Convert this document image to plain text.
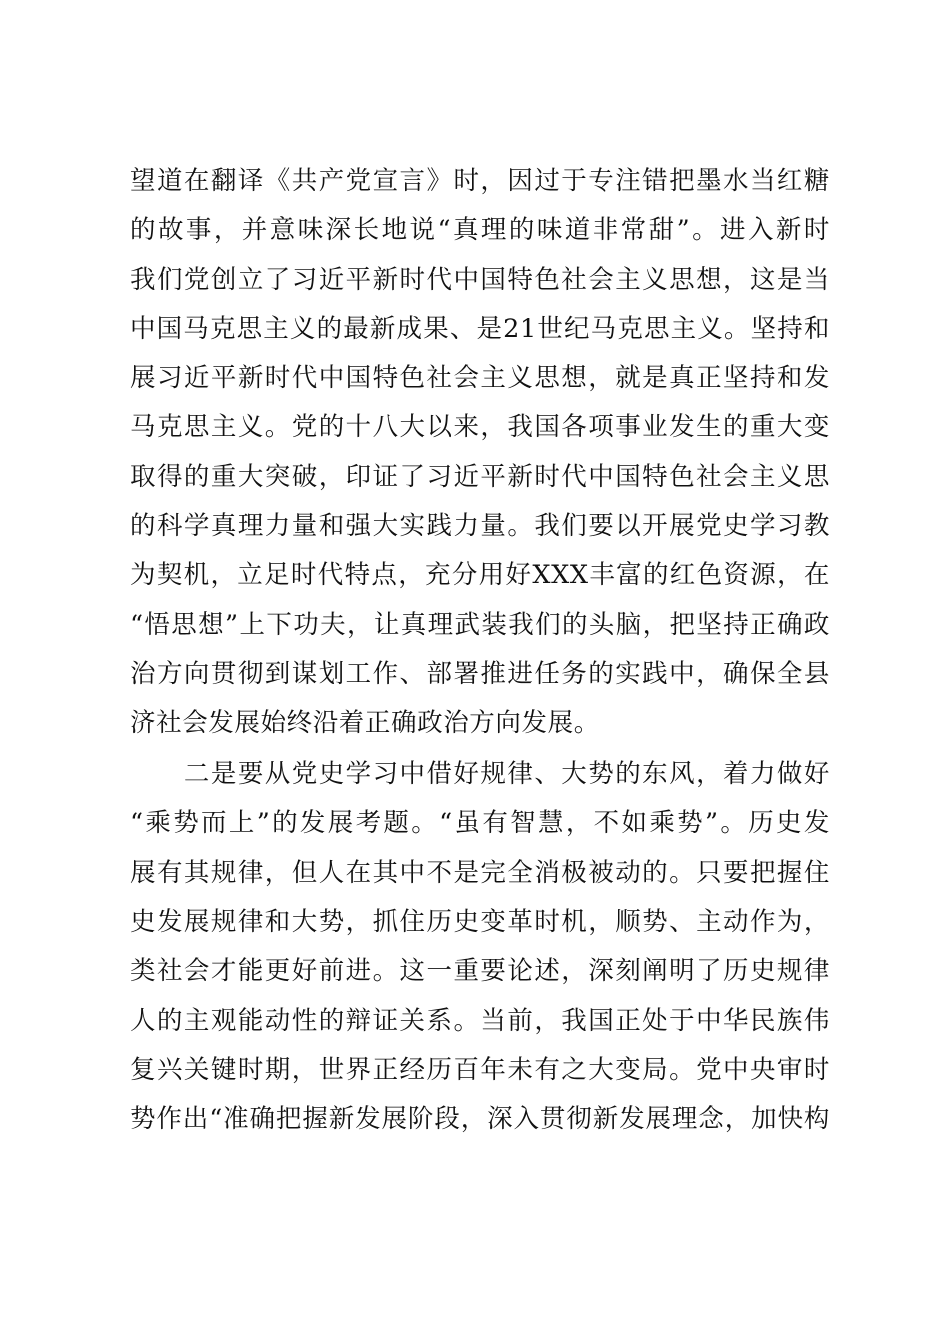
望道在翻译《共产党宣言》时，因过于专注错把墨水当红糖
的故事，并意味深长地说“真理的味道非常甜”。进入新时
我们党创立了习近平新时代中国特色社会主义思想，这是当
中国马克思主义的最新成果、是21世纪马克思主义。坚持和
展习近平新时代中国特色社会主义思想，就是真正坚持和发
马克思主义。党的十八大以来，我国各项事业发生的重大变
取得的重大突破，印证了习近平新时代中国特色社会主义思
的科学真理力量和强大实践力量。我们要以开展党史学习教
为契机，立足时代特点，充分用好XXX丰富的红色资源，在
“悟思想”上下功夫，让真理武装我们的头脑，把坚持正确政
治方向贯彻到谋划工作、部署推进任务的实践中，确保全县
济社会发展始终沿着正确政治方向发展。
　　二是要从党史学习中借好规律、大势的东风，着力做好
“乘势而上”的发展考题。“虽有智慧，不如乘势”。历史发
展有其规律，但人在其中不是完全消极被动的。只要把握住
史发展规律和大势，抓住历史变革时机，顺势、主动作为，
类社会才能更好前进。这一重要论述，深刻阐明了历史规律
人的主观能动性的辩证关系。当前，我国正处于中华民族伟
复兴关键时期，世界正经历百年未有之大变局。党中央审时
势作出“准确把握新发展阶段，深入贯彻新发展理念，加快构
